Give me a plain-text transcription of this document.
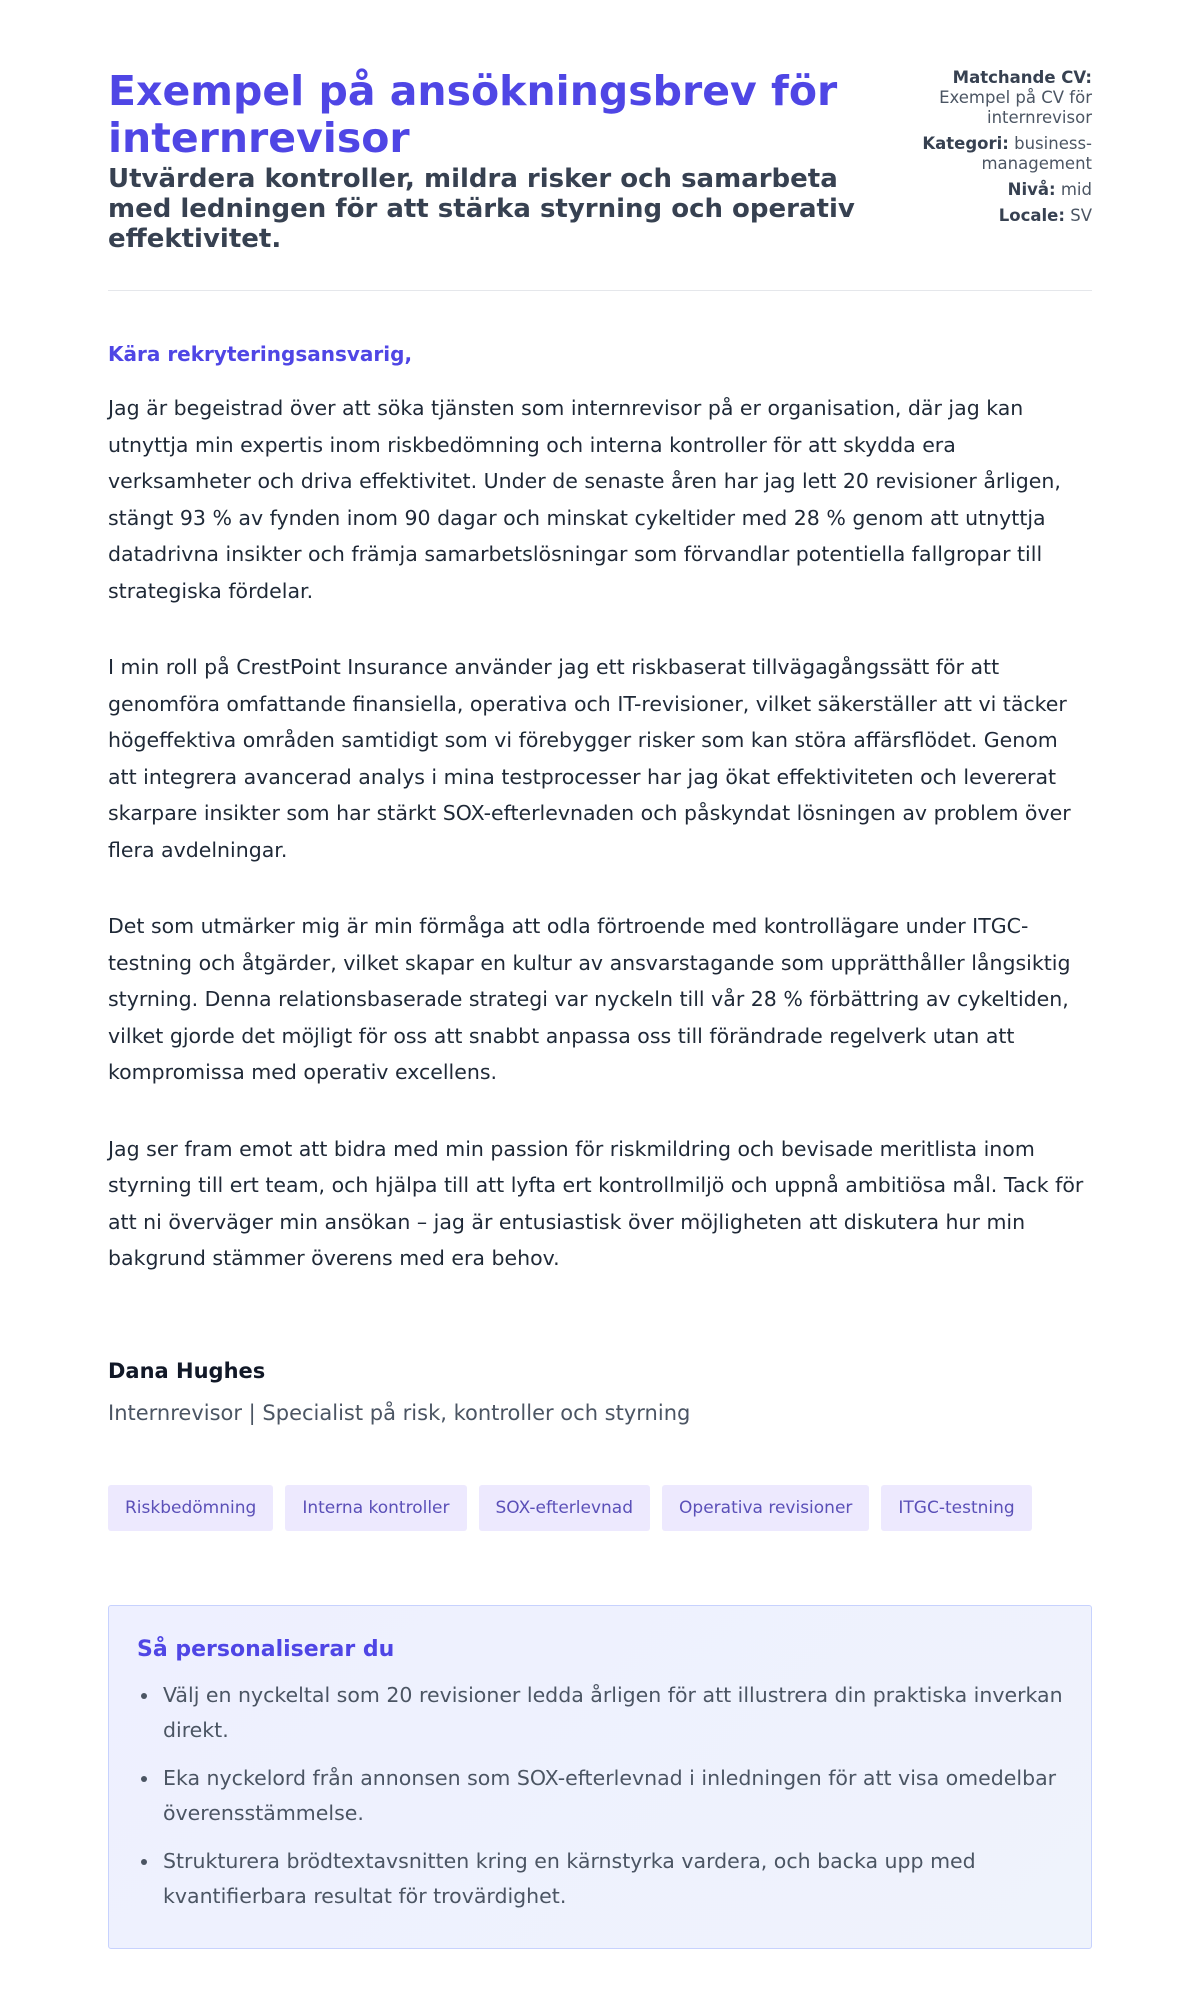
Exempel på ansökningsbrev för internrevisor
Utvärdera kontroller, mildra risker och samarbeta med ledningen för att stärka styrning och operativ effektivitet.
Matchande CV:
Exempel på CV för internrevisor
Kategori: business-management
Nivå: mid
Locale: SV
Kära rekryteringsansvarig,

Jag är begeistrad över att söka tjänsten som internrevisor på er organisation, där jag kan utnyttja min expertis inom riskbedömning och interna kontroller för att skydda era verksamheter och driva effektivitet. Under de senaste åren har jag lett 20 revisioner årligen, stängt 93 % av fynden inom 90 dagar och minskat cykeltider med 28 % genom att utnyttja datadrivna insikter och främja samarbetslösningar som förvandlar potentiella fallgropar till strategiska fördelar.

I min roll på CrestPoint Insurance använder jag ett riskbaserat tillvägagångssätt för att genomföra omfattande finansiella, operativa och IT-revisioner, vilket säkerställer att vi täcker högeffektiva områden samtidigt som vi förebygger risker som kan störa affärsflödet. Genom att integrera avancerad analys i mina testprocesser har jag ökat effektiviteten och levererat skarpare insikter som har stärkt SOX-efterlevnaden och påskyndat lösningen av problem över flera avdelningar.

Det som utmärker mig är min förmåga att odla förtroende med kontrollägare under ITGC-testning och åtgärder, vilket skapar en kultur av ansvarstagande som upprätthåller långsiktig styrning. Denna relationsbaserade strategi var nyckeln till vår 28 % förbättring av cykeltiden, vilket gjorde det möjligt för oss att snabbt anpassa oss till förändrade regelverk utan att kompromissa med operativ excellens.

Jag ser fram emot att bidra med min passion för riskmildring och bevisade meritlista inom styrning till ert team, och hjälpa till att lyfta ert kontrollmiljö och uppnå ambitiösa mål. Tack för att ni överväger min ansökan – jag är entusiastisk över möjligheten att diskutera hur min bakgrund stämmer överens med era behov.

Dana Hughes
Internrevisor | Specialist på risk, kontroller och styrning
Riskbedömning	Interna kontroller	SOX-efterlevnad	Operativa revisioner	ITGC-testning
Så personaliserar du
Välj en nyckeltal som 20 revisioner ledda årligen för att illustrera din praktiska inverkan direkt.
Eka nyckelord från annonsen som SOX-efterlevnad i inledningen för att visa omedelbar överensstämmelse.
Strukturera brödtextavsnitten kring en kärnstyrka vardera, och backa upp med kvantifierbara resultat för trovärdighet.
